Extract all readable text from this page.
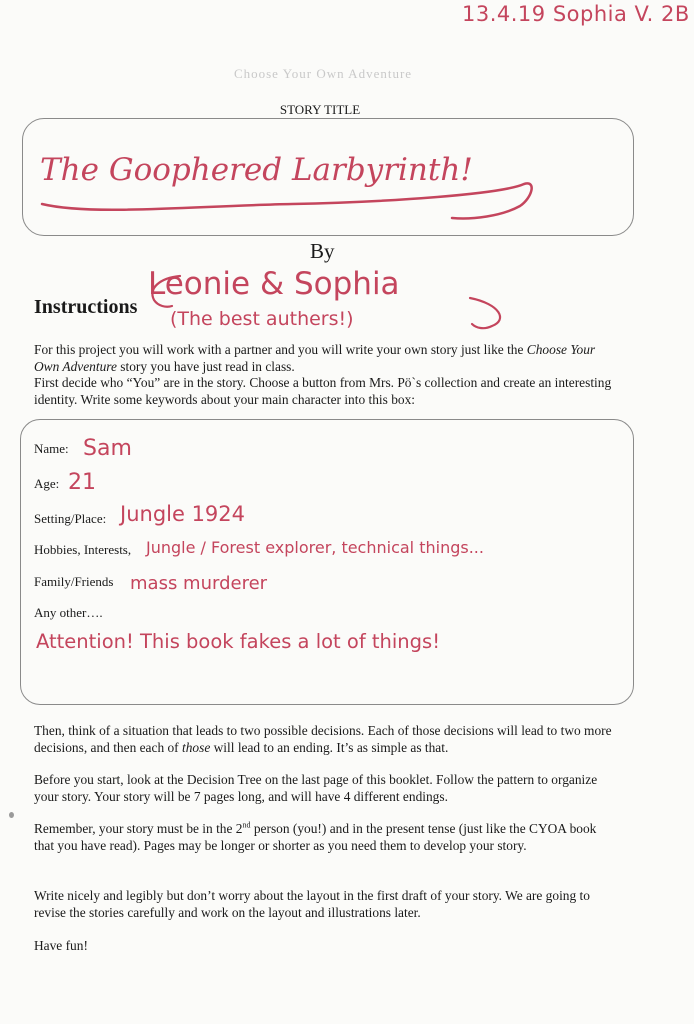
13.4.19 Sophia V. 2B
Choose Your Own Adventure
STORY TITLE
The Goophered Larbyrinth!
By
Leonie & Sophia
(The best authers!)
Instructions
For this project you will work with a partner and you will write your own story just like the Choose Your Own Adventure story you have just read in class.
First decide who “You” are in the story. Choose a button from Mrs. Pö`s collection and create an interesting identity. Write some keywords about your main character into this box:
Name: Sam
Age: 21
Setting/Place: Jungle 1924
Hobbies, Interests, Jungle / Forest explorer, technical things...
Family/Friends mass murderer
Any other….
Attention! This book fakes a lot of things!
Then, think of a situation that leads to two possible decisions. Each of those decisions will lead to two more decisions, and then each of those will lead to an ending. It’s as simple as that.
Before you start, look at the Decision Tree on the last page of this booklet. Follow the pattern to organize your story. Your story will be 7 pages long, and will have 4 different endings.
Remember, your story must be in the 2nd person (you!) and in the present tense (just like the CYOA book that you have read). Pages may be longer or shorter as you need them to develop your story.
Write nicely and legibly but don’t worry about the layout in the first draft of your story. We are going to revise the stories carefully and work on the layout and illustrations later.
Have fun!
